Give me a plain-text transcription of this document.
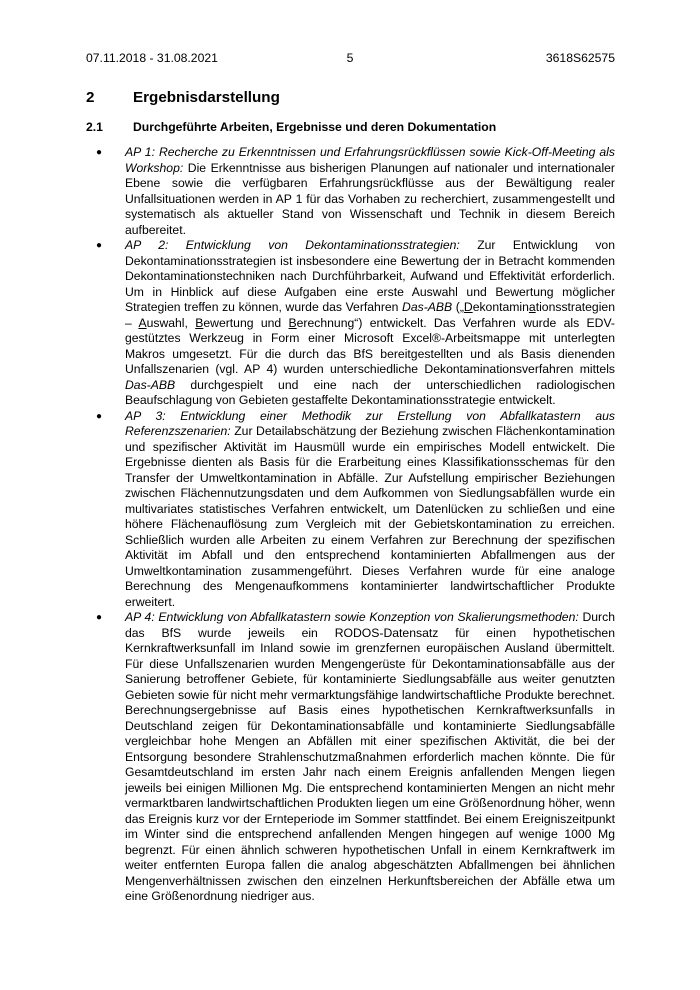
07.11.2018 - 31.08.2021	5	3618S62575
2	Ergebnisdarstellung
2.1 Durchgeführte Arbeiten, Ergebnisse und deren Dokumentation
● AP 1: Recherche zu Erkenntnissen und Erfahrungsrückflüssen sowie Kick-Off-Meeting als Workshop: Die Erkenntnisse aus bisherigen Planungen auf nationaler und internationaler Ebene sowie die verfügbaren Erfahrungsrückflüsse aus der Bewältigung realer Unfallsituationen werden in AP 1 für das Vorhaben zu recherchiert, zusammengestellt und systematisch als aktueller Stand von Wissenschaft und Technik in diesem Bereich aufbereitet.

● AP 2: Entwicklung von Dekontaminationsstrategien: Zur Entwicklung von Dekontaminationsstrategien ist insbesondere eine Bewertung der in Betracht kommenden Dekontaminationstechniken nach Durchführbarkeit, Aufwand und Effektivität erforderlich. Um in Hinblick auf diese Aufgaben eine erste Auswahl und Bewertung möglicher Strategien treffen zu können, wurde das Verfahren Das-ABB („Dekontaminationsstrategien – Auswahl, Bewertung und Berechnung“) entwickelt. Das Verfahren wurde als EDV-gestütztes Werkzeug in Form einer Microsoft Excel®-Arbeitsmappe mit unterlegten Makros umgesetzt. Für die durch das BfS bereitgestellten und als Basis dienenden Unfallszenarien (vgl. AP 4) wurden unterschiedliche Dekontaminationsverfahren mittels Das-ABB durchgespielt und eine nach der unterschiedlichen radiologischen Beaufschlagung von Gebieten gestaffelte Dekontaminationsstrategie entwickelt.

● AP 3: Entwicklung einer Methodik zur Erstellung von Abfallkatastern aus Referenzszenarien: Zur Detailabschätzung der Beziehung zwischen Flächenkontamination und spezifischer Aktivität im Hausmüll wurde ein empirisches Modell entwickelt. Die Ergebnisse dienten als Basis für die Erarbeitung eines Klassifikationsschemas für den Transfer der Umweltkontamination in Abfälle. Zur Aufstellung empirischer Beziehungen zwischen Flächennutzungsdaten und dem Aufkommen von Siedlungsabfällen wurde ein multivariates statistisches Verfahren entwickelt, um Datenlücken zu schließen und eine höhere Flächenauflösung zum Vergleich mit der Gebietskontamination zu erreichen. Schließlich wurden alle Arbeiten zu einem Verfahren zur Berechnung der spezifischen Aktivität im Abfall und den entsprechend kontaminierten Abfallmengen aus der Umweltkontamination zusammengeführt. Dieses Verfahren wurde für eine analoge Berechnung des Mengenaufkommens kontaminierter landwirtschaftlicher Produkte erweitert.

● AP 4: Entwicklung von Abfallkatastern sowie Konzeption von Skalierungsmethoden: Durch das BfS wurde jeweils ein RODOS-Datensatz für einen hypothetischen Kernkraftwerksunfall im Inland sowie im grenzfernen europäischen Ausland übermittelt. Für diese Unfallszenarien wurden Mengengerüste für Dekontaminationsabfälle aus der Sanierung betroffener Gebiete, für kontaminierte Siedlungsabfälle aus weiter genutzten Gebieten sowie für nicht mehr vermarktungsfähige landwirtschaftliche Produkte berechnet. Berechnungsergebnisse auf Basis eines hypothetischen Kernkraftwerksunfalls in Deutschland zeigen für Dekontaminationsabfälle und kontaminierte Siedlungsabfälle vergleichbar hohe Mengen an Abfällen mit einer spezifischen Aktivität, die bei der Entsorgung besondere Strahlenschutzmaßnahmen erforderlich machen könnte. Die für Gesamtdeutschland im ersten Jahr nach einem Ereignis anfallenden Mengen liegen jeweils bei einigen Millionen Mg. Die entsprechend kontaminierten Mengen an nicht mehr vermarktbaren landwirtschaftlichen Produkten liegen um eine Größenordnung höher, wenn das Ereignis kurz vor der Ernteperiode im Sommer stattfindet. Bei einem Ereigniszeitpunkt im Winter sind die entsprechend anfallenden Mengen hingegen auf wenige 1000 Mg begrenzt. Für einen ähnlich schweren hypothetischen Unfall in einem Kernkraftwerk im weiter entfernten Europa fallen die analog abgeschätzten Abfallmengen bei ähnlichen Mengenverhältnissen zwischen den einzelnen Herkunftsbereichen der Abfälle etwa um eine Größenordnung niedriger aus.
